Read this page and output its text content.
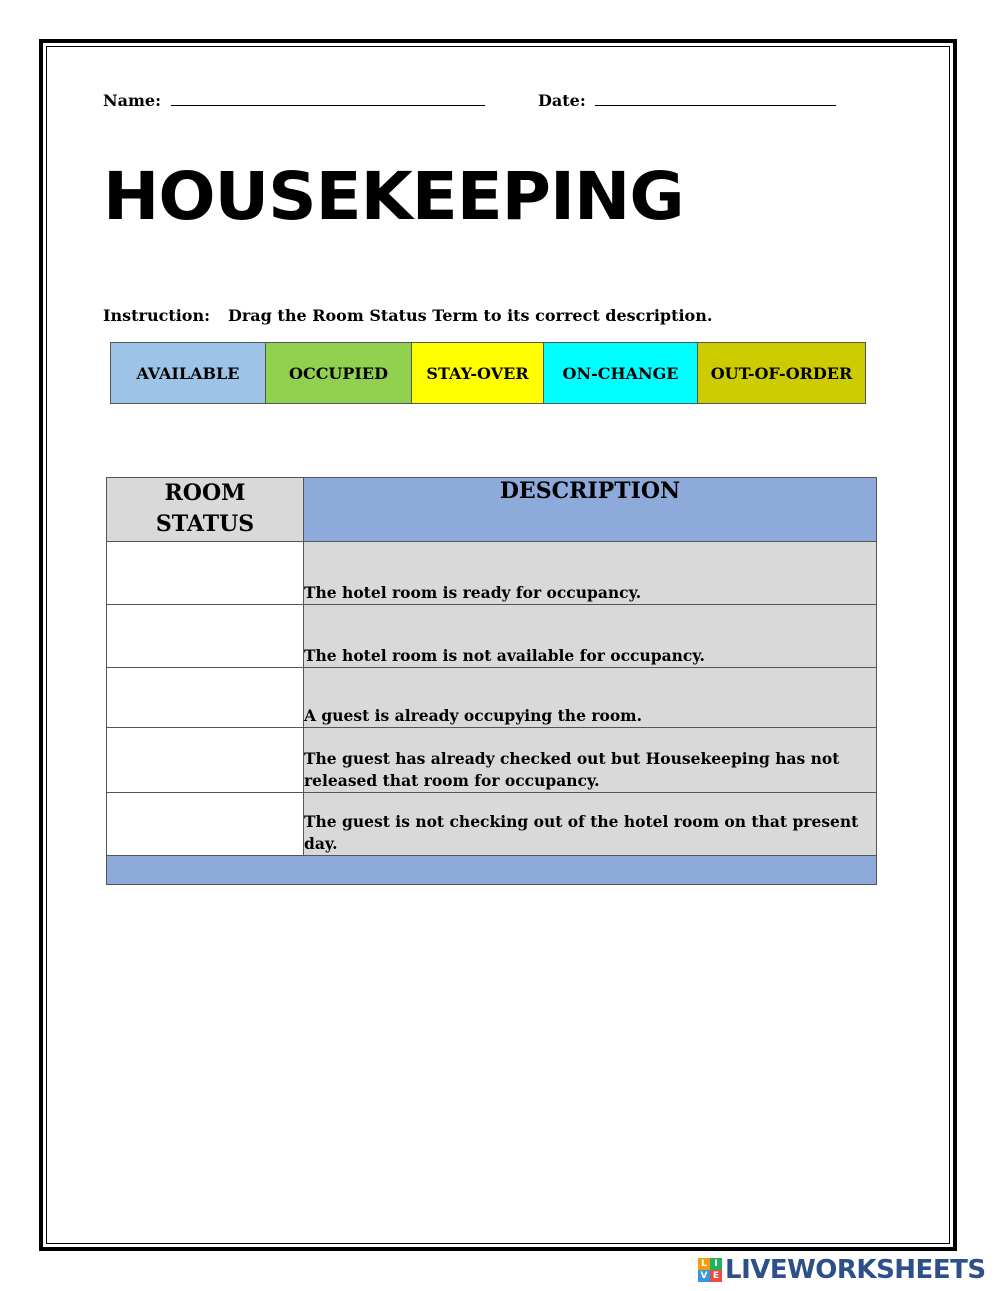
Name:	Date:
HOUSEKEEPING
Instruction: Drag the Room Status Term to its correct description.
AVAILABLE	OCCUPIED	STAY-OVER	ON-CHANGE	OUT-OF-ORDER
ROOM
STATUS	DESCRIPTION
	The hotel room is ready for occupancy.
	The hotel room is not available for occupancy.
	A guest is already occupying the room.
	The guest has already checked out but Housekeeping has not released that room for occupancy.
	The guest is not checking out of the hotel room on that present day.

L I
V E LIVEWORKSHEETS
